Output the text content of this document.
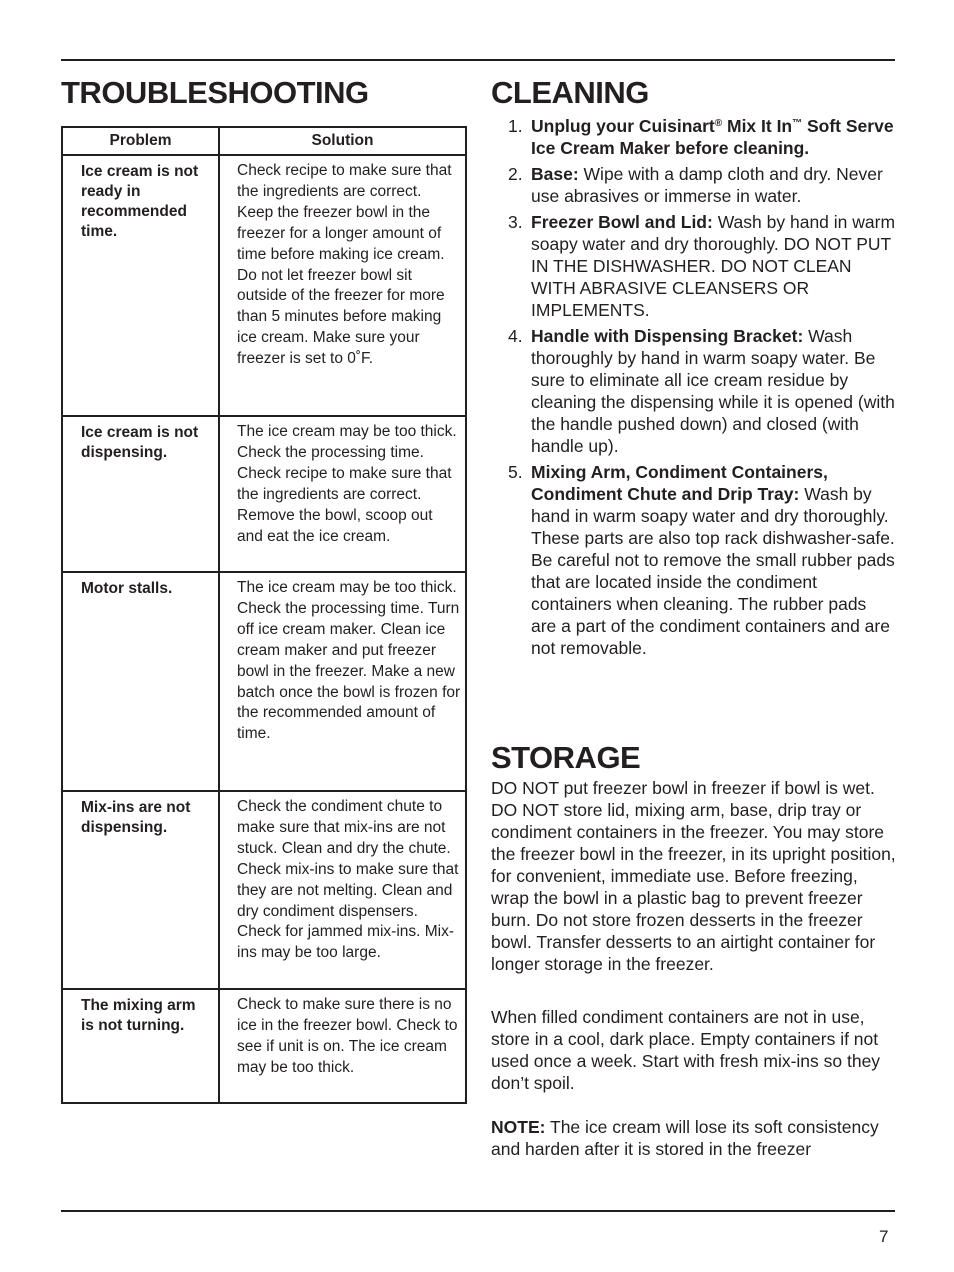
TROUBLESHOOTING
Problem	Solution
Ice cream is not ready in recommended time.	Check recipe to make sure that the ingredients are correct. Keep the freezer bowl in the freezer for a longer amount of time before making ice cream. Do not let freezer bowl sit outside of the freezer for more than 5 minutes before making ice cream. Make sure your freezer is set to 0˚F.
Ice cream is not dispensing.	The ice cream may be too thick. Check the processing time. Check recipe to make sure that the ingredients are correct. Remove the bowl, scoop out and eat the ice cream.
Motor stalls.	The ice cream may be too thick. Check the processing time. Turn off ice cream maker. Clean ice cream maker and put freezer bowl in the freezer. Make a new batch once the bowl is frozen for the recommended amount of time.
Mix-ins are not dispensing.	Check the condiment chute to make sure that mix-ins are not stuck. Clean and dry the chute. Check mix-ins to make sure that they are not melting. Clean and dry condiment dispensers. Check for jammed mix-ins. Mix-ins may be too large.
The mixing arm is not turning.	Check to make sure there is no ice in the freezer bowl. Check to see if unit is on. The ice cream may be too thick.
CLEANING
1. Unplug your Cuisinart® Mix It In™ Soft Serve Ice Cream Maker before cleaning.
2. Base: Wipe with a damp cloth and dry. Never use abrasives or immerse in water.
3. Freezer Bowl and Lid: Wash by hand in warm soapy water and dry thoroughly. DO NOT PUT IN THE DISHWASHER. DO NOT CLEAN WITH ABRASIVE CLEANSERS OR IMPLEMENTS.
4. Handle with Dispensing Bracket: Wash thoroughly by hand in warm soapy water. Be sure to eliminate all ice cream residue by cleaning the dispensing while it is opened (with the handle pushed down) and closed (with handle up).
5. Mixing Arm, Condiment Containers, Condiment Chute and Drip Tray: Wash by hand in warm soapy water and dry thoroughly. These parts are also top rack dishwasher-safe. Be careful not to remove the small rubber pads that are located inside the condiment containers when cleaning. The rubber pads are a part of the condiment containers and are not removable.
STORAGE

DO NOT put freezer bowl in freezer if bowl is wet. DO NOT store lid, mixing arm, base, drip tray or condiment containers in the freezer. You may store the freezer bowl in the freezer, in its upright position, for convenient, immediate use. Before freezing, wrap the bowl in a plastic bag to prevent freezer burn. Do not store frozen desserts in the freezer bowl. Transfer desserts to an airtight container for longer storage in the freezer.

When filled condiment containers are not in use, store in a cool, dark place. Empty containers if not used once a week. Start with fresh mix-ins so they don’t spoil.

NOTE: The ice cream will lose its soft consistency and harden after it is stored in the freezer

7
